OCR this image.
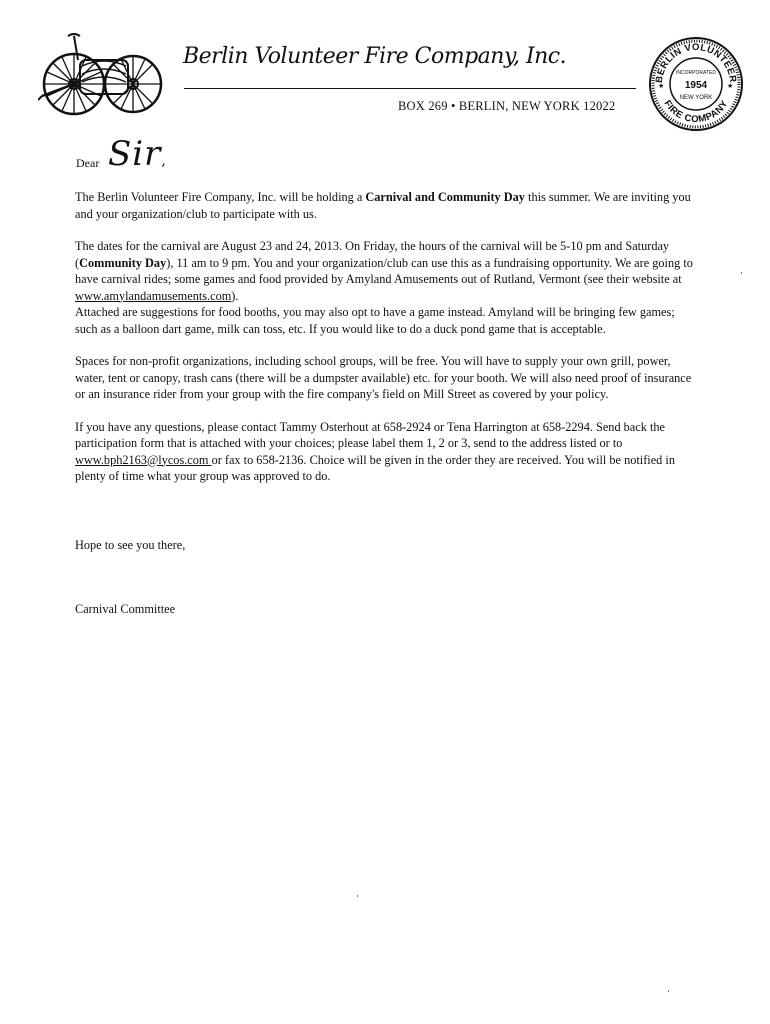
Berlin Volunteer Fire Company, Inc.
BOX 269 • BERLIN, NEW YORK 12022
BERLIN VOLUNTEER
FIRE COMPANY
INCORPORATED
1954
NEW YORK
★	★
Dear Sir,

The Berlin Volunteer Fire Company, Inc. will be holding a Carnival and Community Day this summer. We are inviting you and your organization/club to participate with us.

The dates for the carnival are August 23 and 24, 2013. On Friday, the hours of the carnival will be 5-10 pm and Saturday (Community Day), 11 am to 9 pm. You and your organization/club can use this as a fundraising opportunity. We are going to have carnival rides; some games and food provided by Amyland Amusements out of Rutland, Vermont (see their website at www.amylandamusements.com).

Attached are suggestions for food booths, you may also opt to have a game instead. Amyland will be bringing few games; such as a balloon dart game, milk can toss, etc. If you would like to do a duck pond game that is acceptable.

Spaces for non-profit organizations, including school groups, will be free. You will have to supply your own grill, power, water, tent or canopy, trash cans (there will be a dumpster available) etc. for your booth. We will also need proof of insurance or an insurance rider from your group with the fire company's field on Mill Street as covered by your policy.

If you have any questions, please contact Tammy Osterhout at 658-2924 or Tena Harrington at 658-2294. Send back the participation form that is attached with your choices; please label them 1, 2 or 3, send to the address listed or to www.bph2163@lycos.com or fax to 658-2136. Choice will be given in the order they are received. You will be notified in plenty of time what your group was approved to do.

Hope to see you there,
Carnival Committee
